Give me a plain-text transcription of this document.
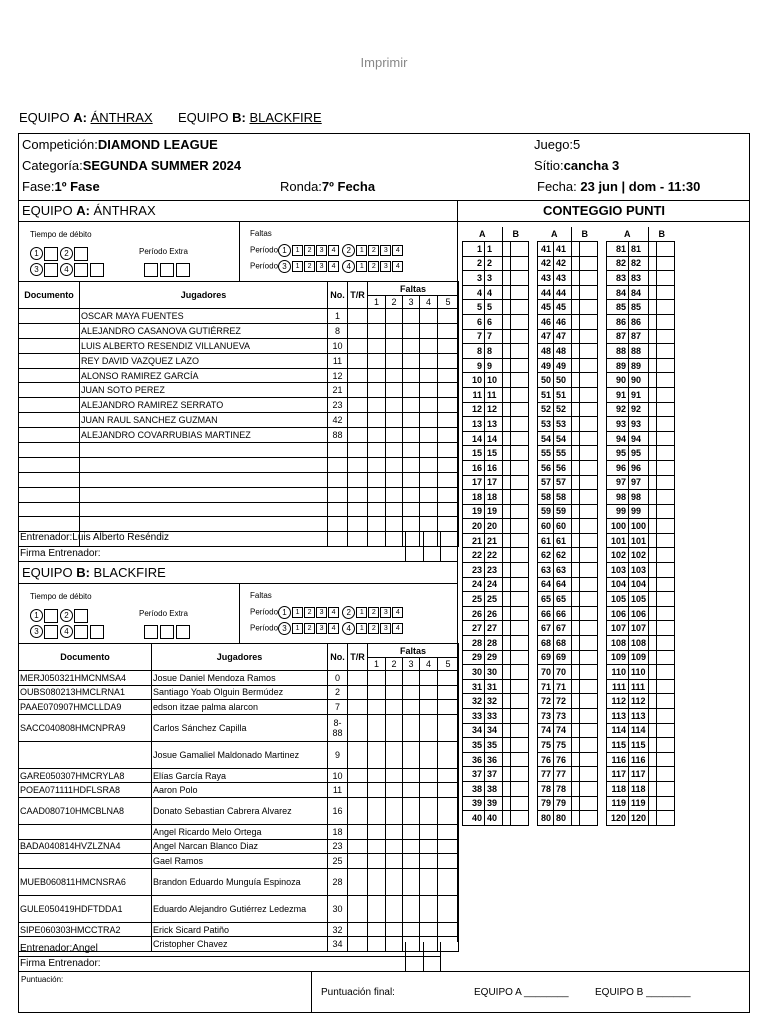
Imprimir
EQUIPO A: ÁNTHRAX EQUIPO B: BLACKFIRE
Competición:DIAMOND LEAGUE	Juego:5
Categoría:SEGUNDA SUMMER 2024	Sítio:cancha 3
Fase:1º Fase	Ronda:7º Fecha	Fecha: 23 jun | dom - 11:30
EQUIPO A: ÁNTHRAX
Tiempo de débito
1	2
3	4
Período Extra
Faltas
Período 1 1 2 3 4 2 1 2 3 4
Período 3 1 2 3 4 4 1 2 3 4
Documento	Jugadores	No.	T/R	Faltas				
				1	2	3	4	5
	OSCAR MAYA FUENTES	1						
	ALEJANDRO CASANOVA GUTIÉRREZ	8						
	LUIS ALBERTO RESENDIZ VILLANUEVA	10						
	REY DAVID VAZQUEZ LAZO	11						
	ALONSO RAMIREZ GARCÍA	12						
	JUAN SOTO PEREZ	21						
	ALEJANDRO RAMIREZ SERRATO	23						
	JUAN RAUL SANCHEZ GUZMAN	42						
	ALEJANDRO COVARRUBIAS MARTINEZ	88						

Entrenador:Luis Alberto Reséndiz
Firma Entrenador:
EQUIPO B: BLACKFIRE
Tiempo de débito
1	2
3	4
Período Extra
Faltas
Período 1 1 2 3 4 2 1 2 3 4
Período 3 1 2 3 4 4 1 2 3 4
Documento	Jugadores	No.	T/R	Faltas				
				1	2	3	4	5
MERJ050321HMCNMSA4	Josue Daniel Mendoza Ramos	0						
OUBS080213HMCLRNA1	Santiago Yoab Olguin Bermúdez	2						
PAAE070907HMCLLDA9	edson itzae palma alarcon	7						
SACC040808HMCNPRA9	Carlos Sánchez Capilla	8-88						
	Josue Gamaliel Maldonado Martinez	9						
GARE050307HMCRYLA8	Elías García Raya	10						
POEA071111HDFLSRA8	Aaron Polo	11						
CAAD080710HMCBLNA8	Donato Sebastian Cabrera Alvarez	16						
	Angel Ricardo Melo Ortega	18						
BADA040814HVZLZNA4	Angel Narcan Blanco Diaz	23						
	Gael Ramos	25						
MUEB060811HMCNSRA6	Brandon Eduardo Munguía Espinoza	28						
GULE050419HDFTDDA1	Eduardo Alejandro Gutiérrez Ledezma	30						
SIPE060303HMCCTRA2	Erick Sicard Patiño	32						
	Cristopher Chavez	34						
Entrenador:Angel
Firma Entrenador:
Puntuación:
Puntuación final:	EQUIPO A ________	EQUIPO B ________
CONTEGGIO PUNTI
A		B			A		B			A		B	
1	1				41	41				81	81		
2	2				42	42				82	82		
3	3				43	43				83	83		
4	4				44	44				84	84		
5	5				45	45				85	85		
6	6				46	46				86	86		
7	7				47	47				87	87		
8	8				48	48				88	88		
9	9				49	49				89	89		
10	10				50	50				90	90		
11	11				51	51				91	91		
12	12				52	52				92	92		
13	13				53	53				93	93		
14	14				54	54				94	94		
15	15				55	55				95	95		
16	16				56	56				96	96		
17	17				57	57				97	97		
18	18				58	58				98	98		
19	19				59	59				99	99		
20	20				60	60				100	100		
21	21				61	61				101	101		
22	22				62	62				102	102		
23	23				63	63				103	103		
24	24				64	64				104	104		
25	25				65	65				105	105		
26	26				66	66				106	106		
27	27				67	67				107	107		
28	28				68	68				108	108		
29	29				69	69				109	109		
30	30				70	70				110	110		
31	31				71	71				111	111		
32	32				72	72				112	112		
33	33				73	73				113	113		
34	34				74	74				114	114		
35	35				75	75				115	115		
36	36				76	76				116	116		
37	37				77	77				117	117		
38	38				78	78				118	118		
39	39				79	79				119	119		
40	40				80	80				120	120		
